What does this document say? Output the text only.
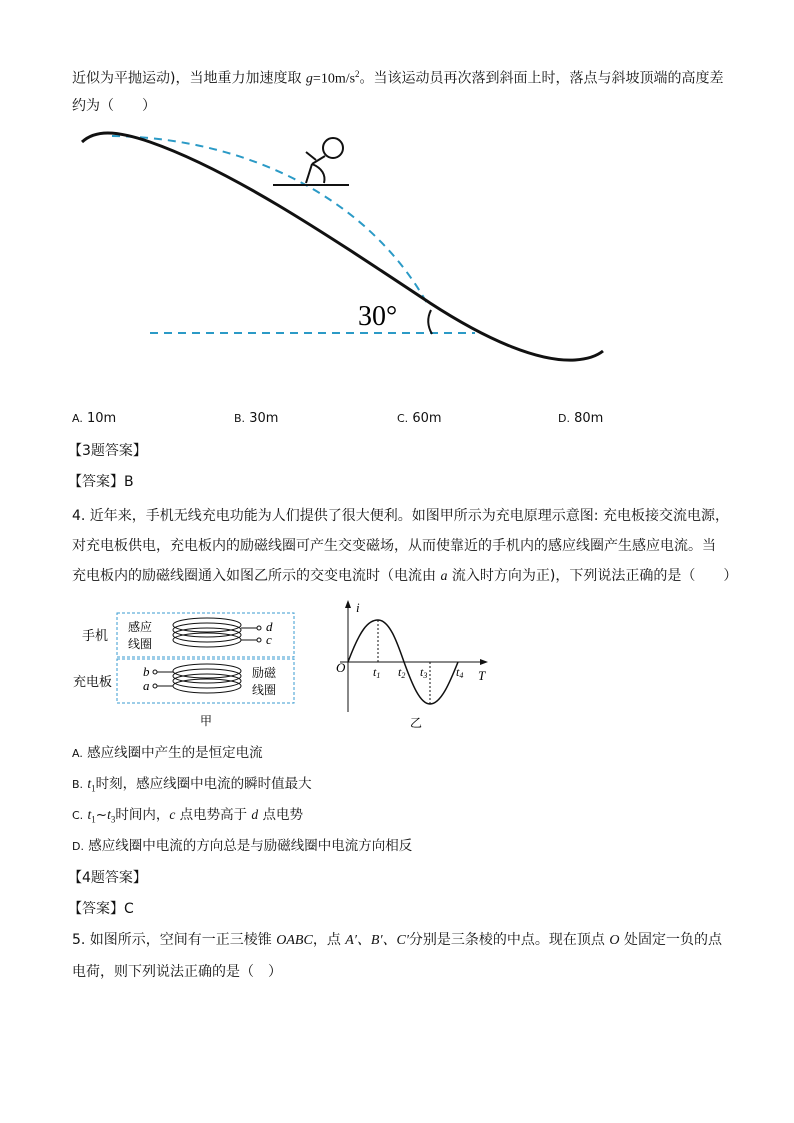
近似为平抛运动)，当地重力加速度取 $g=10m/s^2$。当该运动员再次落到斜面上时，落点与斜坡顶端的高度差
约为（　　）
30°
A. 10m	B. 30m	C. 60m	D. 80m
【3题答案】
【答案】B
4. 近年来，手机无线充电功能为人们提供了很大便利。如图甲所示为充电原理示意图: 充电板接交流电源，
对充电板供电，充电板内的励磁线圈可产生交变磁场，从而使靠近的手机内的感应线圈产生感应电流。当
充电板内的励磁线圈通入如图乙所示的交变电流时（电流由 a 流入时方向为正)，下列说法正确的是（　　）
手机
充电板
感应
线圈
励磁
线圈
d
c
b
a
甲
i
T
O t1 t2 t3 t4
乙
A. 感应线圈中产生的是恒定电流
B. $t_1$时刻，感应线圈中电流的瞬时值最大
C. $t_1\sim t_3$时间内，c 点电势高于 d 点电势
D. 感应线圈中电流的方向总是与励磁线圈中电流方向相反
【4题答案】
【答案】C
5. 如图所示，空间有一正三棱锥 OABC，点 A′、B′、C′分别是三条棱的中点。现在顶点 O 处固定一负的点
电荷，则下列说法正确的是（　）
